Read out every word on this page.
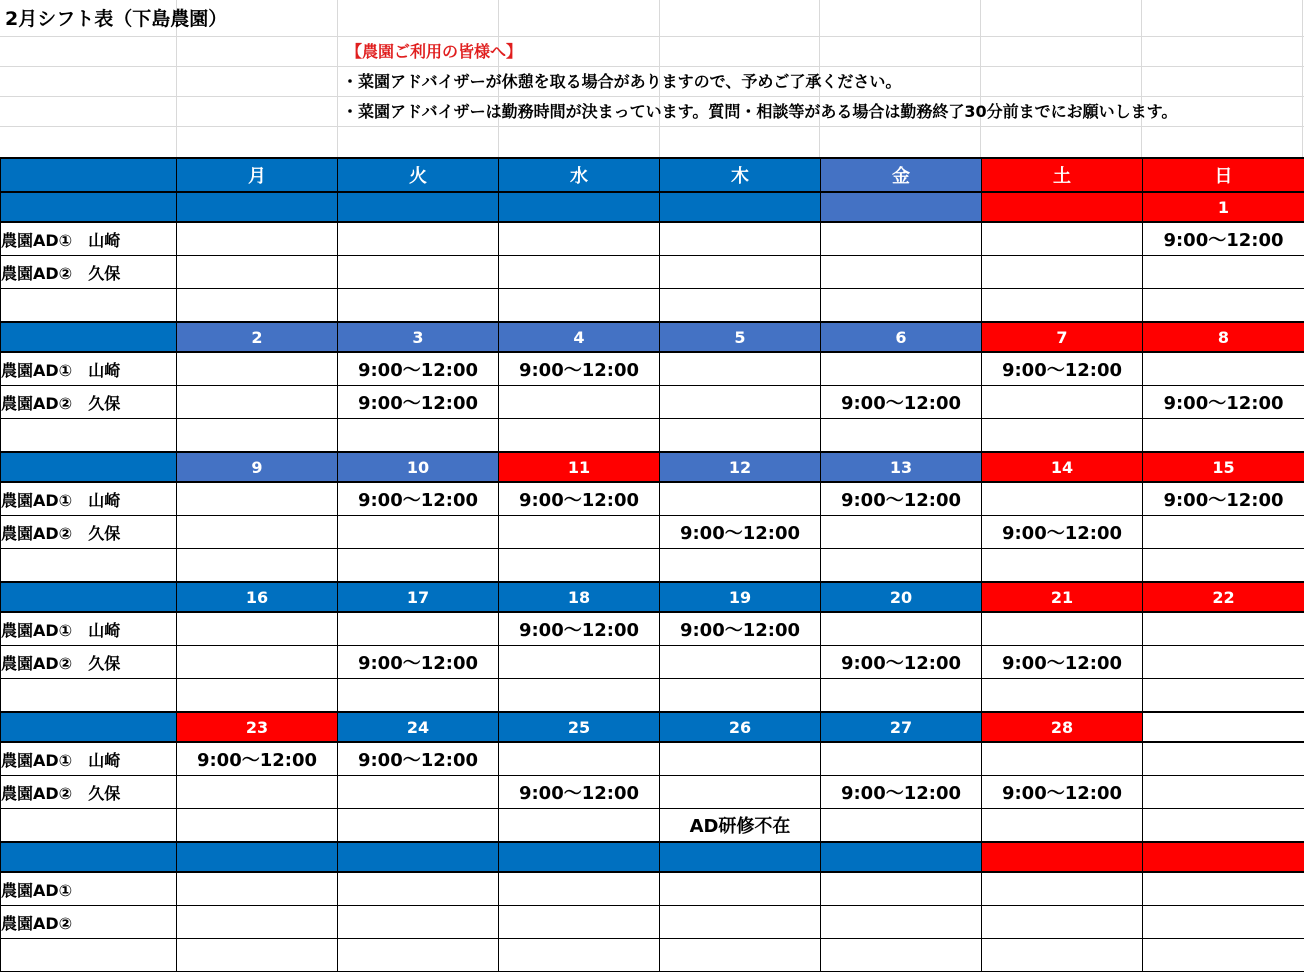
2月シフト表（下島農園）
【農園ご利用の皆様へ】
・菜園アドバイザーが休憩を取る場合がありますので、予めご了承ください。
・菜園アドバイザーは勤務時間が決まっています。質問・相談等がある場合は勤務終了30分前までにお願いします。
	月	火	水	木	金	土	日
							1
農園AD①　山崎							9:00〜12:00
農園AD②　久保							

	2	3	4	5	6	7	8
農園AD①　山崎		9:00〜12:00	9:00〜12:00			9:00〜12:00	
農園AD②　久保		9:00〜12:00			9:00〜12:00		9:00〜12:00

	9	10	11	12	13	14	15
農園AD①　山崎		9:00〜12:00	9:00〜12:00		9:00〜12:00		9:00〜12:00
農園AD②　久保				9:00〜12:00		9:00〜12:00	

	16	17	18	19	20	21	22
農園AD①　山崎			9:00〜12:00	9:00〜12:00			
農園AD②　久保		9:00〜12:00			9:00〜12:00	9:00〜12:00	

	23	24	25	26	27	28	
農園AD①　山崎	9:00〜12:00	9:00〜12:00					
農園AD②　久保			9:00〜12:00		9:00〜12:00	9:00〜12:00	
				AD研修不在			

農園AD①							
農園AD②							
